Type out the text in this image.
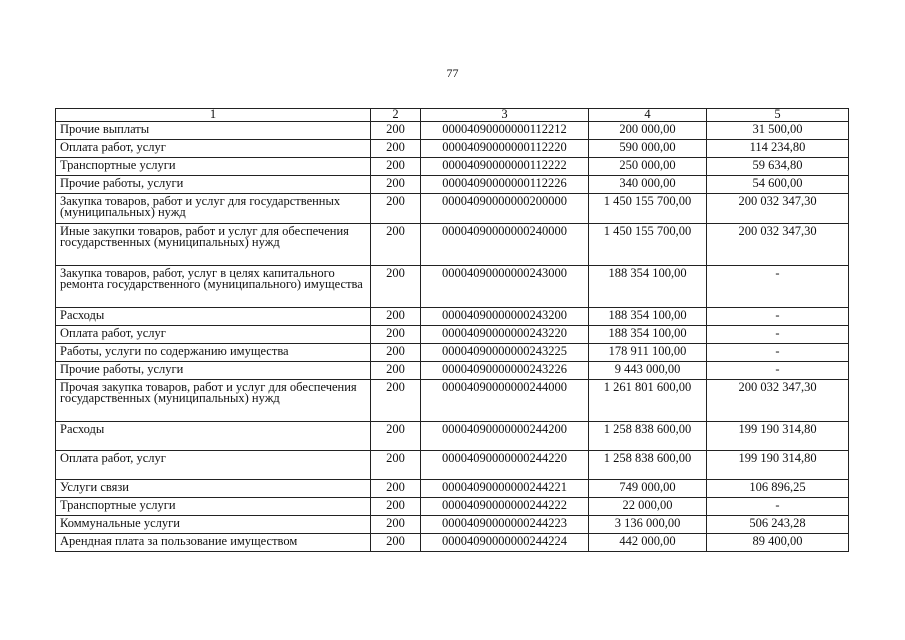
77
1	2	3	4	5
Прочие выплаты	200	00004090000000112212	200 000,00	31 500,00
Оплата работ, услуг	200	00004090000000112220	590 000,00	114 234,80
Транспортные услуги	200	00004090000000112222	250 000,00	59 634,80
Прочие работы, услуги	200	00004090000000112226	340 000,00	54 600,00
Закупка товаров, работ и услуг для государственных (муниципальных) нужд	200	00004090000000200000	1 450 155 700,00	200 032 347,30
Иные закупки товаров, работ и услуг для обеспечения государственных (муниципальных) нужд	200	00004090000000240000	1 450 155 700,00	200 032 347,30
Закупка товаров, работ, услуг в целях капитального ремонта государственного (муниципального) имущества	200	00004090000000243000	188 354 100,00	-
Расходы	200	00004090000000243200	188 354 100,00	-
Оплата работ, услуг	200	00004090000000243220	188 354 100,00	-
Работы, услуги по содержанию имущества	200	00004090000000243225	178 911 100,00	-
Прочие работы, услуги	200	00004090000000243226	9 443 000,00	-
Прочая закупка товаров, работ и услуг для обеспечения государственных (муниципальных) нужд	200	00004090000000244000	1 261 801 600,00	200 032 347,30
Расходы	200	00004090000000244200	1 258 838 600,00	199 190 314,80
Оплата работ, услуг	200	00004090000000244220	1 258 838 600,00	199 190 314,80
Услуги связи	200	00004090000000244221	749 000,00	106 896,25
Транспортные услуги	200	00004090000000244222	22 000,00	-
Коммунальные услуги	200	00004090000000244223	3 136 000,00	506 243,28
Арендная плата за пользование имуществом	200	00004090000000244224	442 000,00	89 400,00
